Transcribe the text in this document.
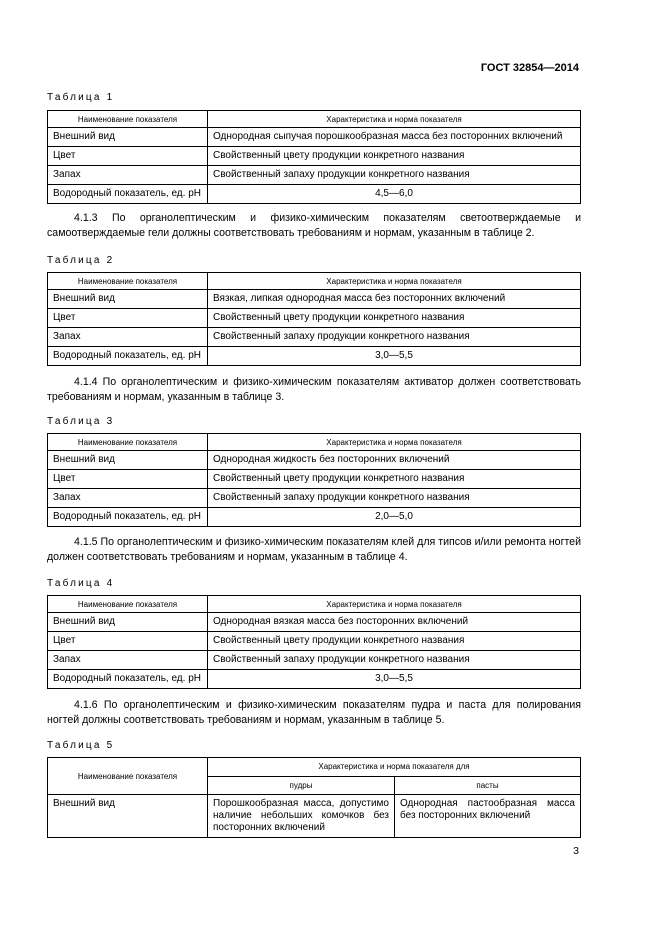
ГОСТ 32854—2014
Таблица 1
Наименование показателя	Характеристика и норма показателя
Внешний вид	Однородная сыпучая порошкообразная масса без посторонних включений
Цвет	Свойственный цвету продукции конкретного названия
Запах	Свойственный запаху продукции конкретного названия
Водородный показатель, ед. рН	4,5—6,0
4.1.3 По органолептическим и физико-химическим показателям светоотверждаемые и самоотверждаемые гели должны соответствовать требованиям и нормам, указанным в таблице 2.
Таблица 2
Наименование показателя	Характеристика и норма показателя
Внешний вид	Вязкая, липкая однородная масса без посторонних включений
Цвет	Свойственный цвету продукции конкретного названия
Запах	Свойственный запаху продукции конкретного названия
Водородный показатель, ед. рН	3,0—5,5
4.1.4 По органолептическим и физико-химическим показателям активатор должен соответствовать требованиям и нормам, указанным в таблице 3.
Таблица 3
Наименование показателя	Характеристика и норма показателя
Внешний вид	Однородная жидкость без посторонних включений
Цвет	Свойственный цвету продукции конкретного названия
Запах	Свойственный запаху продукции конкретного названия
Водородный показатель, ед. рН	2,0—5,0
4.1.5 По органолептическим и физико-химическим показателям клей для типсов и/или ремонта ногтей должен соответствовать требованиям и нормам, указанным в таблице 4.
Таблица 4
Наименование показателя	Характеристика и норма показателя
Внешний вид	Однородная вязкая масса без посторонних включений
Цвет	Свойственный цвету продукции конкретного названия
Запах	Свойственный запаху продукции конкретного названия
Водородный показатель, ед. рН	3,0—5,5
4.1.6 По органолептическим и физико-химическим показателям пудра и паста для полирования ногтей должны соответствовать требованиям и нормам, указанным в таблице 5.
Таблица 5
Наименование показателя	Характеристика и норма показателя для	
	пудры	пасты
Внешний вид	Порошкообразная масса, допустимо наличие небольших комочков без посторонних включений	Однородная пастообразная масса без посторонних включений
3
